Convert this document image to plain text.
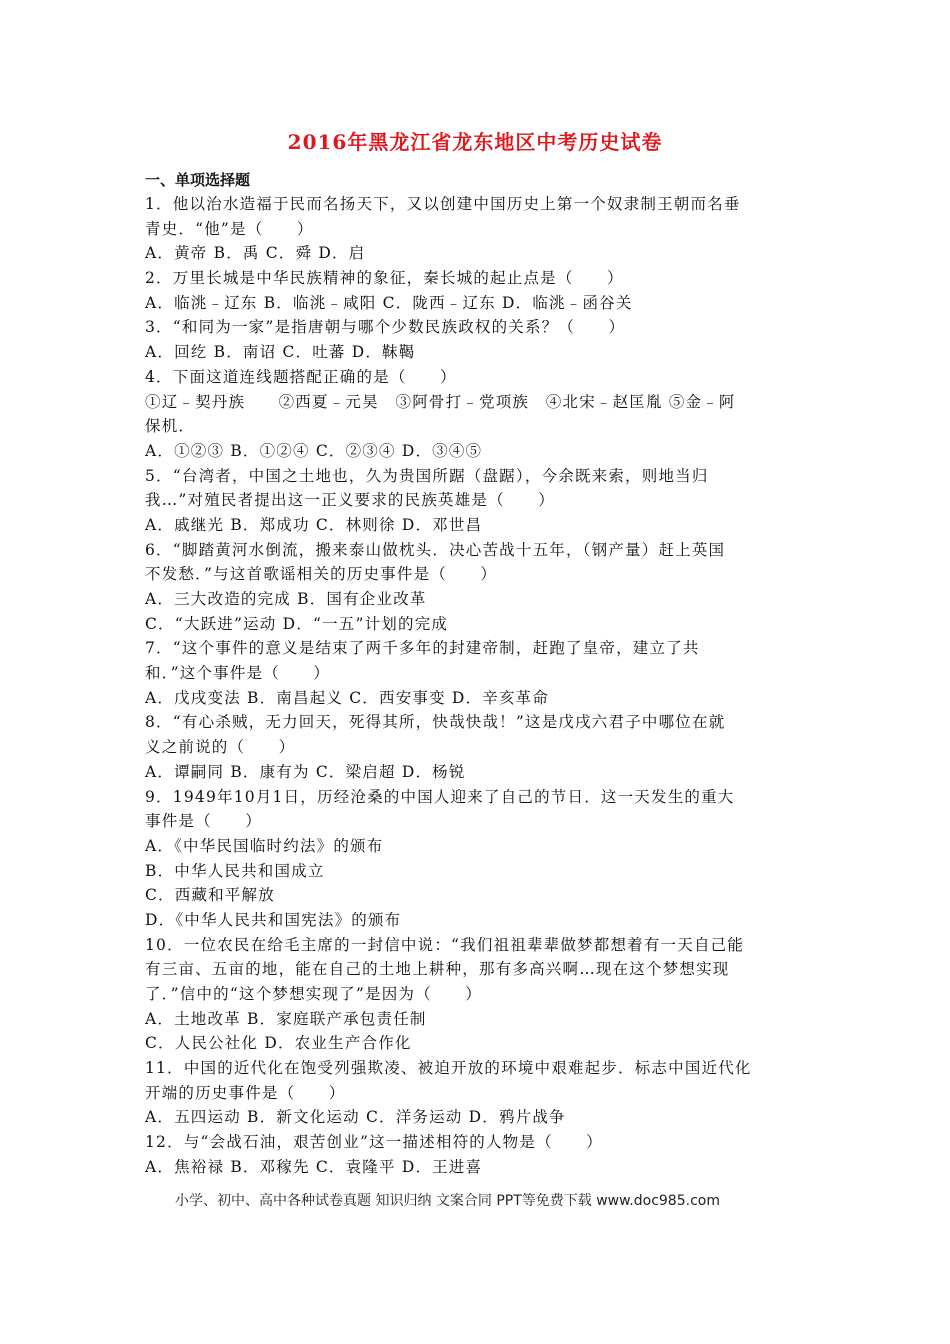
2016年黑龙江省龙东地区中考历史试卷
一、单项选择题
1．他以治水造福于民而名扬天下，又以创建中国历史上第一个奴隶制王朝而名垂
青史．“他”是（　　）
A．黄帝 B．禹 C．舜 D．启
2．万里长城是中华民族精神的象征，秦长城的起止点是（　　）
A．临洮﹣辽东 B．临洮﹣咸阳 C．陇西﹣辽东 D．临洮﹣函谷关
3．“和同为一家”是指唐朝与哪个少数民族政权的关系？（　　）
A．回纥 B．南诏 C．吐蕃 D．靺鞨
4．下面这道连线题搭配正确的是（　　）
①辽﹣契丹族　　②西夏﹣元昊　③阿骨打﹣党项族　④北宋﹣赵匡胤 ⑤金﹣阿
保机．
A．①②③ B．①②④ C．②③④ D．③④⑤
5．“台湾者，中国之土地也，久为贵国所踞（盘踞），今余既来索，则地当归
我…”对殖民者提出这一正义要求的民族英雄是（　　）
A．戚继光 B．郑成功 C．林则徐 D．邓世昌
6．“脚踏黄河水倒流，搬来泰山做枕头．决心苦战十五年，（钢产量）赶上英国
不发愁．”与这首歌谣相关的历史事件是（　　）
A．三大改造的完成 B．国有企业改革
C．“大跃进”运动 D．“一五”计划的完成
7．“这个事件的意义是结束了两千多年的封建帝制，赶跑了皇帝，建立了共
和．”这个事件是（　　）
A．戊戌变法 B．南昌起义 C．西安事变 D．辛亥革命
8．“有心杀贼，无力回天，死得其所，快哉快哉！”这是戊戌六君子中哪位在就
义之前说的（　　）
A．谭嗣同 B．康有为 C．梁启超 D．杨锐
9．1949年10月1日，历经沧桑的中国人迎来了自己的节日．这一天发生的重大
事件是（　　）
A．《中华民国临时约法》的颁布
B．中华人民共和国成立
C．西藏和平解放
D．《中华人民共和国宪法》的颁布
10．一位农民在给毛主席的一封信中说：“我们祖祖辈辈做梦都想着有一天自己能
有三亩、五亩的地，能在自己的土地上耕种，那有多高兴啊…现在这个梦想实现
了．”信中的“这个梦想实现了”是因为（　　）
A．土地改革 B．家庭联产承包责任制
C．人民公社化 D．农业生产合作化
11．中国的近代化在饱受列强欺凌、被迫开放的环境中艰难起步．标志中国近代化
开端的历史事件是（　　）
A．五四运动 B．新文化运动 C．洋务运动 D．鸦片战争
12．与“会战石油，艰苦创业”这一描述相符的人物是（　　）
A．焦裕禄 B．邓稼先 C．袁隆平 D．王进喜
小学、初中、高中各种试卷真题 知识归纳 文案合同 PPT等免费下载 www.doc985.com
